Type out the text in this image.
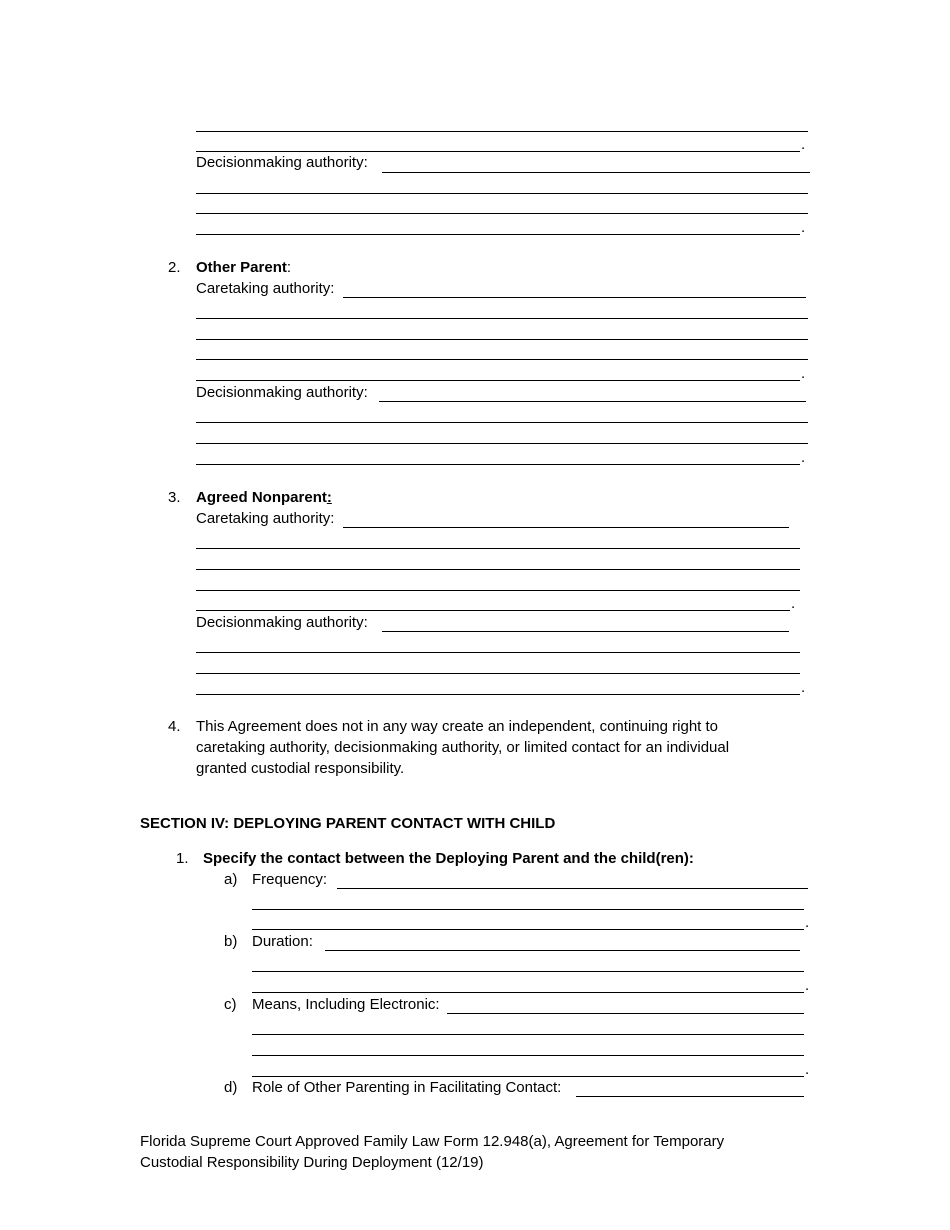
.
Decisionmaking authority:
.
2. Other Parent:
Caretaking authority:
.
Decisionmaking authority:
.
3. Agreed Nonparent:
Caretaking authority:
.
Decisionmaking authority:
.
4. This Agreement does not in any way create an independent, continuing right to caretaking authority, decisionmaking authority, or limited contact for an individual granted custodial responsibility.
SECTION IV: DEPLOYING PARENT CONTACT WITH CHILD
1. Specify the contact between the Deploying Parent and the child(ren):
a) Frequency:
.
b) Duration:
.
c) Means, Including Electronic:
.
d) Role of Other Parenting in Facilitating Contact:
Florida Supreme Court Approved Family Law Form 12.948(a), Agreement for Temporary
Custodial Responsibility During Deployment (12/19)
